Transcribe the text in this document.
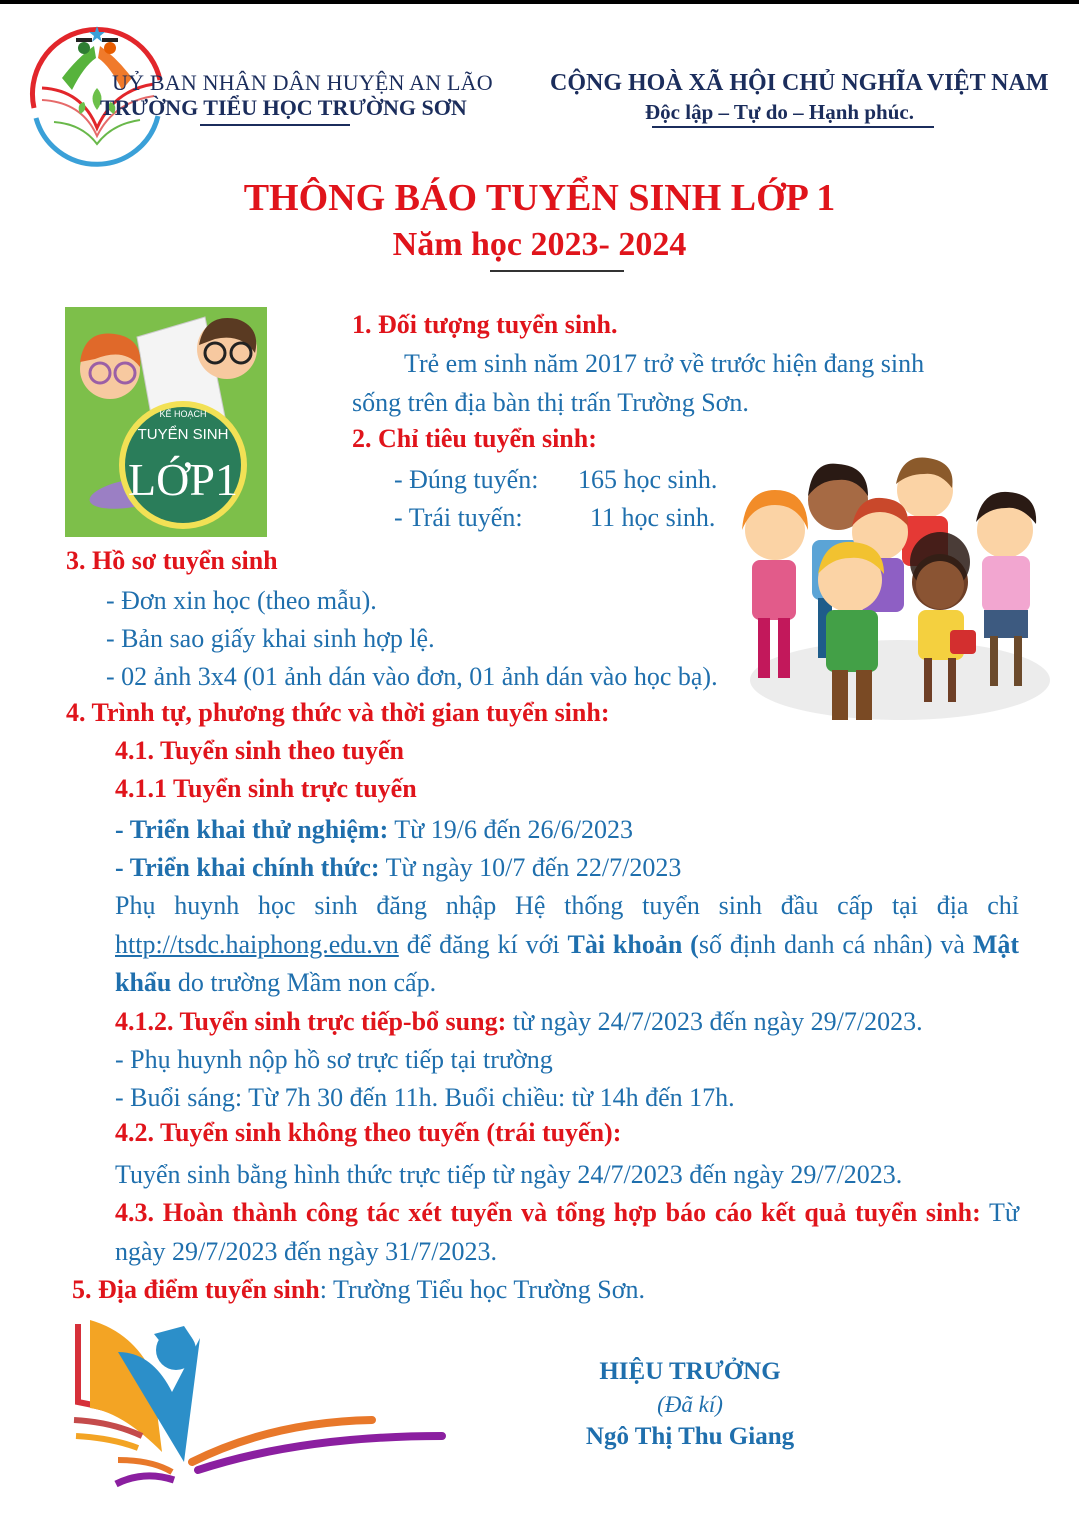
UỶ BAN NHÂN DÂN HUYỆN AN LÃO
TRƯỜNG TIỂU HỌC TRƯỜNG SƠN
CỘNG HOÀ XÃ HỘI CHỦ NGHĨA VIỆT NAM
Độc lập – Tự do – Hạnh phúc.
THÔNG BÁO TUYỂN SINH LỚP 1
Năm học 2023- 2024
KẾ HOẠCH
TUYỂN SINH
LỚP1
1. Đối tượng tuyển sinh.
Trẻ em sinh năm 2017 trở về trước hiện đang sinh
sống trên địa bàn thị trấn Trường Sơn.
2. Chỉ tiêu tuyển sinh:
- Đúng tuyến: 165 học sinh.
- Trái tuyến:	11 học sinh.
3. Hồ sơ tuyển sinh
- Đơn xin học (theo mẫu).
- Bản sao giấy khai sinh hợp lệ.
- 02 ảnh 3x4 (01 ảnh dán vào đơn, 01 ảnh dán vào học bạ).
4. Trình tự, phương thức và thời gian tuyển sinh:
4.1. Tuyển sinh theo tuyến
4.1.1 Tuyển sinh trực tuyến
- Triển khai thử nghiệm: Từ 19/6 đến 26/6/2023
- Triển khai chính thức: Từ ngày 10/7 đến 22/7/2023
Phụ huynh học sinh đăng nhập Hệ thống tuyển sinh đầu cấp tại địa chỉ http://tsdc.haiphong.edu.vn để đăng kí với Tài khoản (số định danh cá nhân) và Mật khẩu do trường Mầm non cấp.
4.1.2. Tuyển sinh trực tiếp-bổ sung: từ ngày 24/7/2023 đến ngày 29/7/2023.
- Phụ huynh nộp hồ sơ trực tiếp tại trường
- Buổi sáng: Từ 7h 30 đến 11h. Buổi chiều: từ 14h đến 17h.
4.2. Tuyển sinh không theo tuyến (trái tuyến):
Tuyển sinh bằng hình thức trực tiếp từ ngày 24/7/2023 đến ngày 29/7/2023.
4.3. Hoàn thành công tác xét tuyển và tổng hợp báo cáo kết quả tuyển sinh: Từ ngày 29/7/2023 đến ngày 31/7/2023.
5. Địa điểm tuyển sinh: Trường Tiểu học Trường Sơn.
HIỆU TRƯỞNG
(Đã kí)
Ngô Thị Thu Giang
